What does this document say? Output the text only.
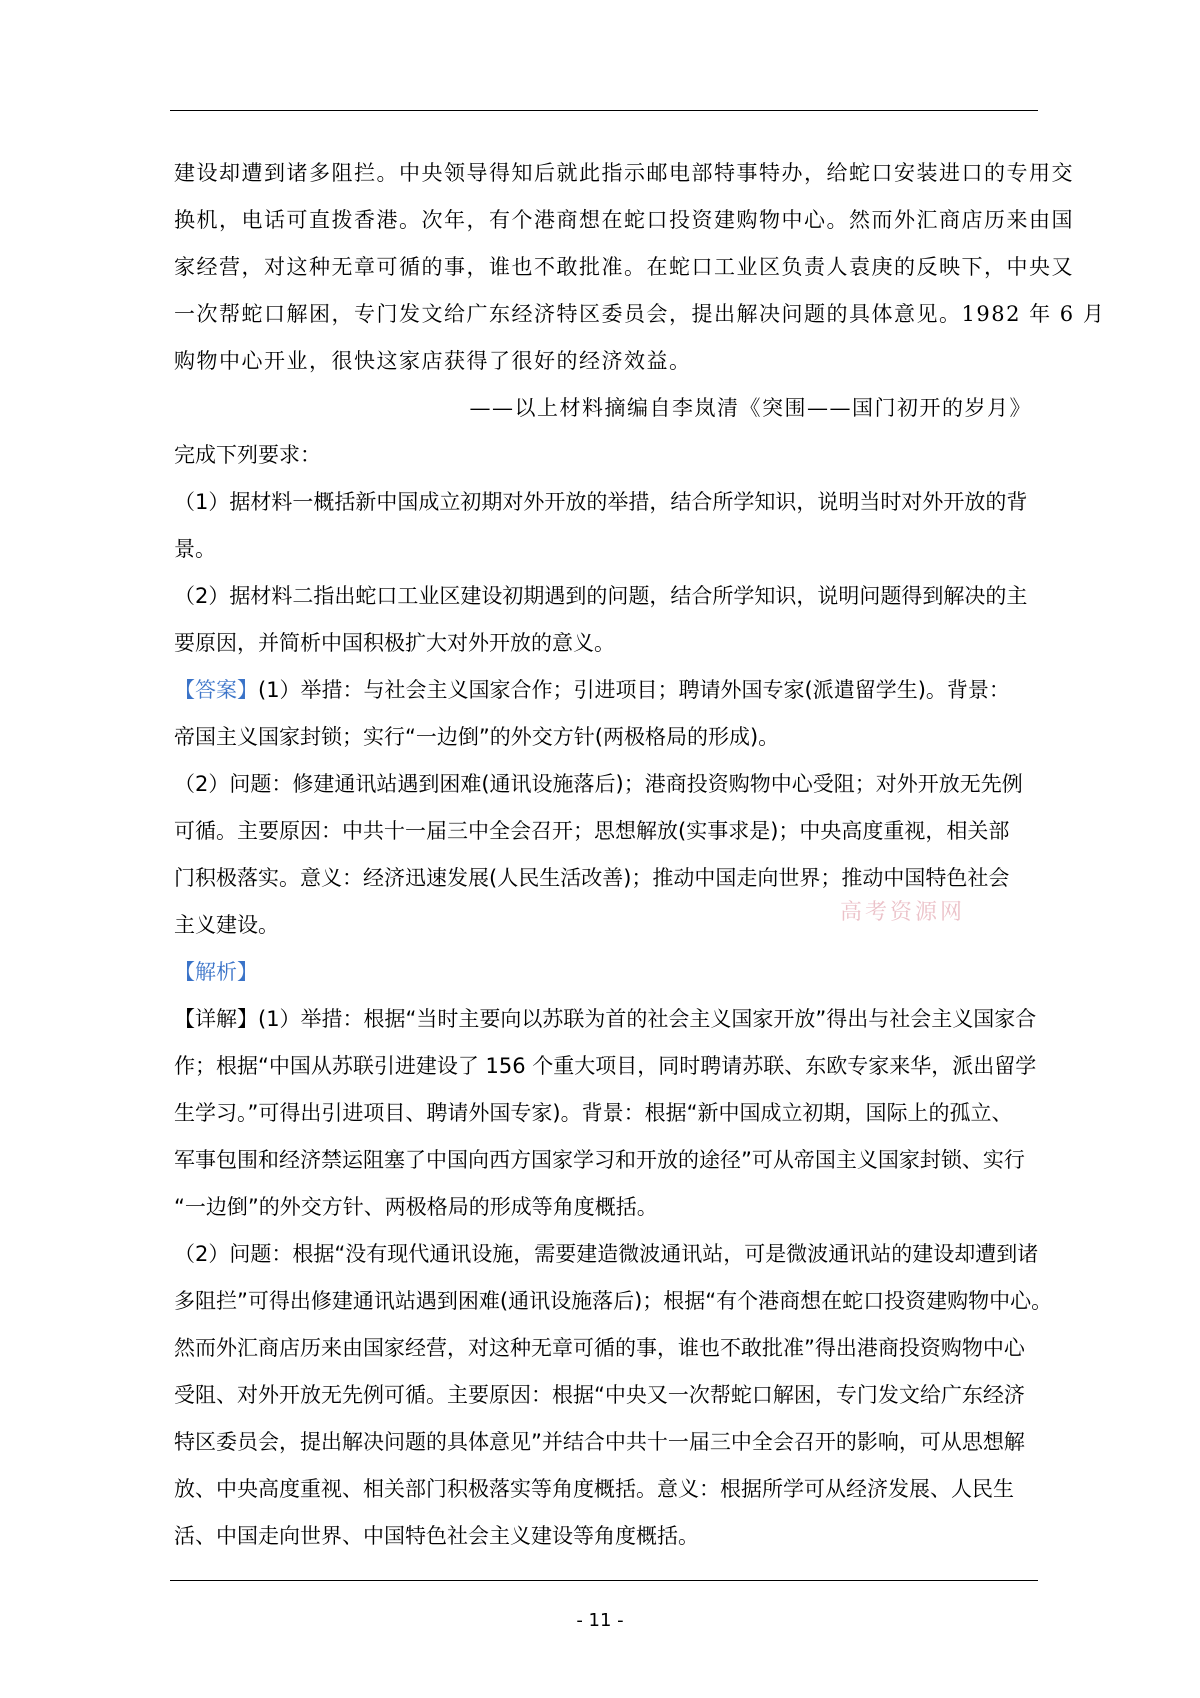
建设却遭到诸多阻拦。中央领导得知后就此指示邮电部特事特办，给蛇口安装进口的专用交
换机，电话可直拨香港。次年，有个港商想在蛇口投资建购物中心。然而外汇商店历来由国
家经营，对这种无章可循的事，谁也不敢批准。在蛇口工业区负责人袁庚的反映下，中央又
一次帮蛇口解困，专门发文给广东经济特区委员会，提出解决问题的具体意见。1982 年 6 月
购物中心开业，很快这家店获得了很好的经济效益。
——以上材料摘编自李岚清《突围——国门初开的岁月》
完成下列要求：
（1）据材料一概括新中国成立初期对外开放的举措，结合所学知识，说明当时对外开放的背
景。
（2）据材料二指出蛇口工业区建设初期遇到的问题，结合所学知识，说明问题得到解决的主
要原因，并简析中国积极扩大对外开放的意义。
【答案】(1）举措：与社会主义国家合作；引进项目；聘请外国专家(派遣留学生)。背景：
帝国主义国家封锁；实行“一边倒”的外交方针(两极格局的形成)。
（2）问题：修建通讯站遇到困难(通讯设施落后)；港商投资购物中心受阻；对外开放无先例
可循。主要原因：中共十一届三中全会召开；思想解放(实事求是)；中央高度重视，相关部
门积极落实。意义：经济迅速发展(人民生活改善)；推动中国走向世界；推动中国特色社会
主义建设。
【解析】
【详解】(1）举措：根据“当时主要向以苏联为首的社会主义国家开放”得出与社会主义国家合
作；根据“中国从苏联引进建设了 156 个重大项目，同时聘请苏联、东欧专家来华，派出留学
生学习。”可得出引进项目、聘请外国专家)。背景：根据“新中国成立初期，国际上的孤立、
军事包围和经济禁运阻塞了中国向西方国家学习和开放的途径”可从帝国主义国家封锁、实行
“一边倒”的外交方针、两极格局的形成等角度概括。
（2）问题：根据“没有现代通讯设施，需要建造微波通讯站，可是微波通讯站的建设却遭到诸
多阻拦”可得出修建通讯站遇到困难(通讯设施落后)；根据“有个港商想在蛇口投资建购物中心。
然而外汇商店历来由国家经营，对这种无章可循的事，谁也不敢批准”得出港商投资购物中心
受阻、对外开放无先例可循。主要原因：根据“中央又一次帮蛇口解困，专门发文给广东经济
特区委员会，提出解决问题的具体意见”并结合中共十一届三中全会召开的影响，可从思想解
放、中央高度重视、相关部门积极落实等角度概括。意义：根据所学可从经济发展、人民生
活、中国走向世界、中国特色社会主义建设等角度概括。
高考资源网
- 11 -
